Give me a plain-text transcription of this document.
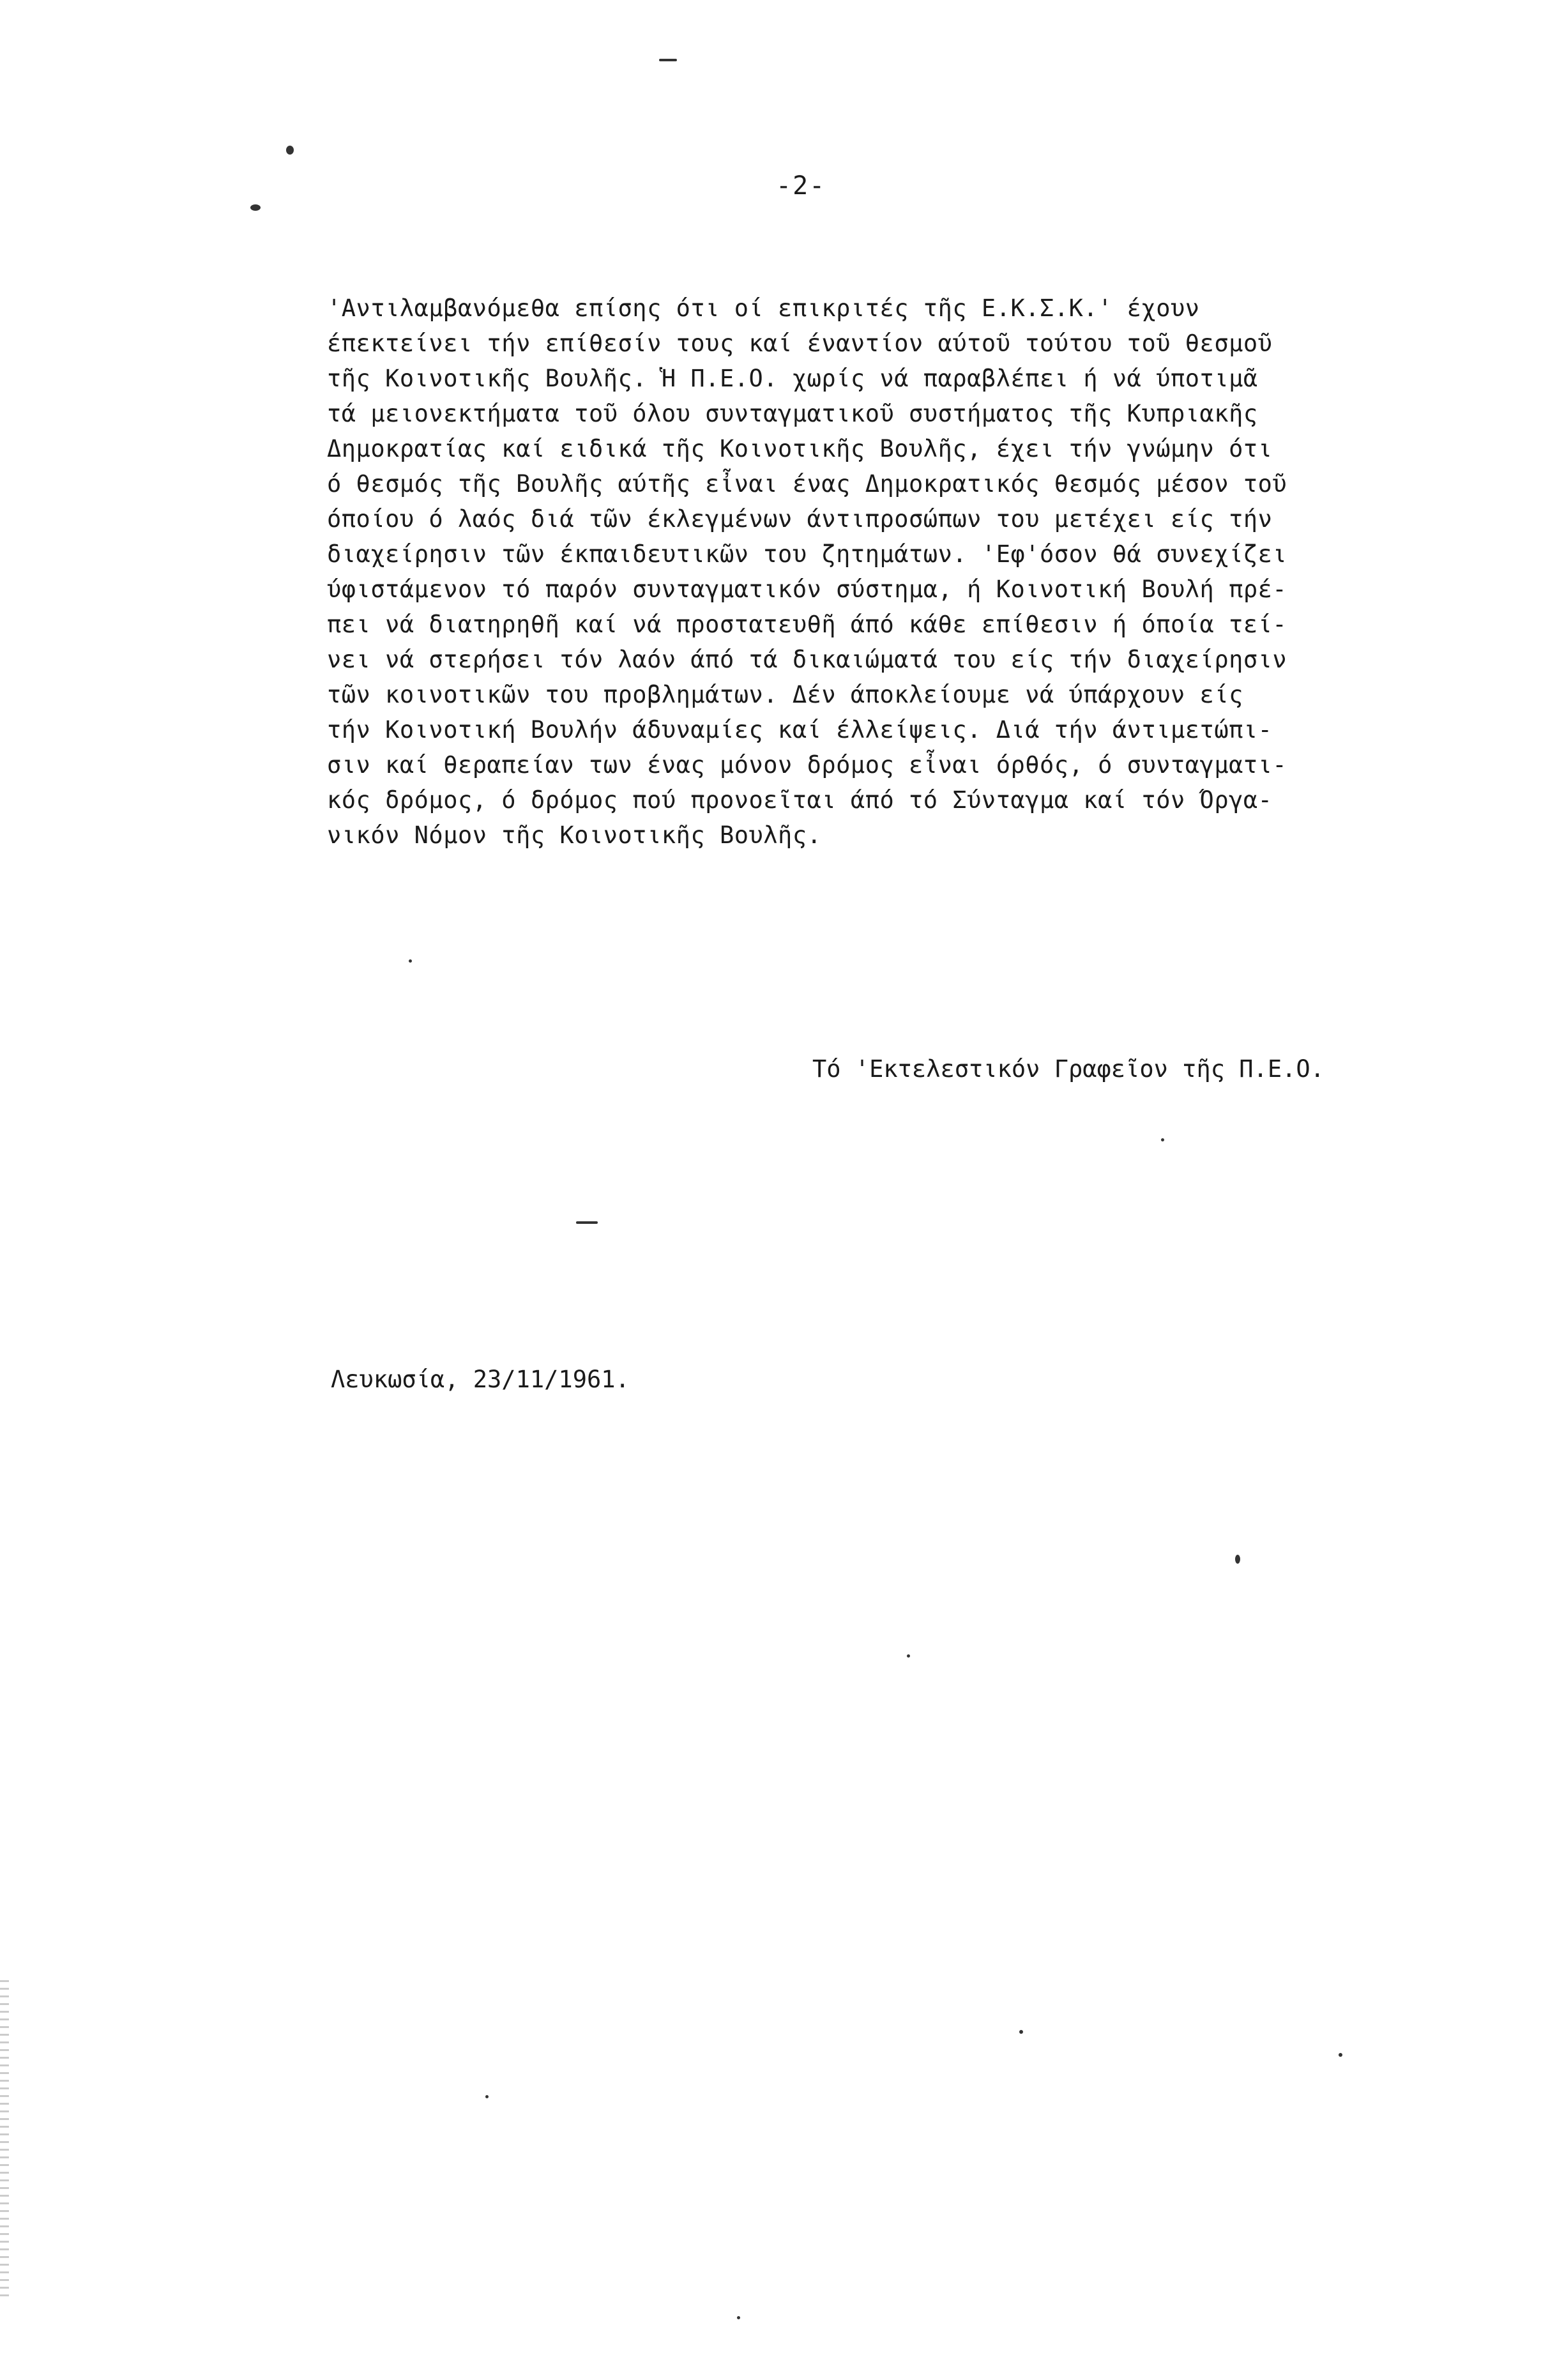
-2-
'Αντιλαμβανόμεθα επίσης ότι οί επικριτές τῆς Ε.Κ.Σ.Κ.' έχουν
έπεκτείνει τήν επίθεσίν τους καί έναντίον αύτοῦ τούτου τοῦ θεσμοῦ
τῆς Κοινοτικῆς Βουλῆς. Ἡ Π.Ε.Ο. χωρίς νά παραβλέπει ή νά ύποτιμᾶ
τά μειονεκτήματα τοῦ όλου συνταγματικοῦ συστήματος τῆς Κυπριακῆς
Δημοκρατίας καί ειδικά τῆς Κοινοτικῆς Βουλῆς, έχει τήν γνώμην ότι
ό θεσμός τῆς Βουλῆς αύτῆς εἶναι ένας Δημοκρατικός θεσμός μέσον τοῦ
όποίου ό λαός διά τῶν έκλεγμένων άντιπροσώπων του μετέχει είς τήν
διαχείρησιν τῶν έκπαιδευτικῶν του ζητημάτων. 'Εφ'όσον θά συνεχίζει
ύφιστάμενον τό παρόν συνταγματικόν σύστημα, ή Κοινοτική Βουλή πρέ-
πει νά διατηρηθῆ καί νά προστατευθῆ άπό κάθε επίθεσιν ή όποία τεί-
νει νά στερήσει τόν λαόν άπό τά δικαιώματά του είς τήν διαχείρησιν
τῶν κοινοτικῶν του προβλημάτων. Δέν άποκλείουμε νά ύπάρχουν είς
τήν Κοινοτική Βουλήν άδυναμίες καί έλλείψεις. Διά τήν άντιμετώπι-
σιν καί θεραπείαν των ένας μόνον δρόμος εἶναι όρθός, ό συνταγματι-
κός δρόμος, ό δρόμος πού προνοεῖται άπό τό Σύνταγμα καί τόν Όργα-
νικόν Νόμον τῆς Κοινοτικῆς Βουλῆς.
Τό 'Εκτελεστικόν Γραφεῖον τῆς Π.Ε.Ο.
Λευκωσία, 23/11/1961.
